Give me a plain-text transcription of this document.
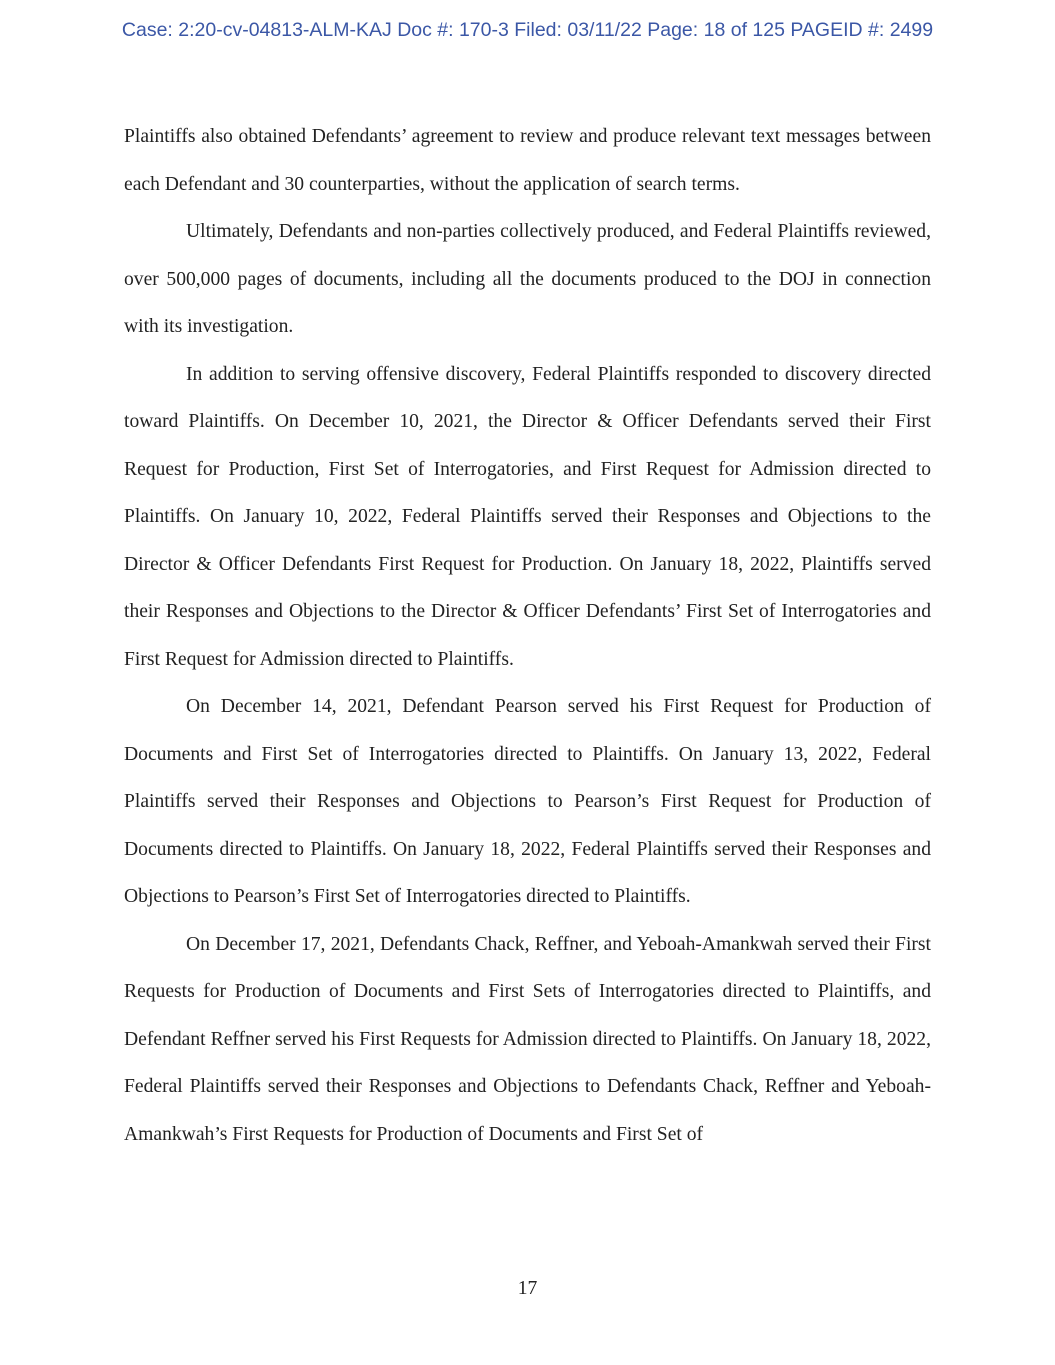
Case: 2:20-cv-04813-ALM-KAJ Doc #: 170-3 Filed: 03/11/22 Page: 18 of 125 PAGEID #: 2499

Plaintiffs also obtained Defendants’ agreement to review and produce relevant text messages between each Defendant and 30 counterparties, without the application of search terms.

Ultimately, Defendants and non-parties collectively produced, and Federal Plaintiffs reviewed, over 500,000 pages of documents, including all the documents produced to the DOJ in connection with its investigation.

In addition to serving offensive discovery, Federal Plaintiffs responded to discovery directed toward Plaintiffs. On December 10, 2021, the Director & Officer Defendants served their First Request for Production, First Set of Interrogatories, and First Request for Admission directed to Plaintiffs. On January 10, 2022, Federal Plaintiffs served their Responses and Objections to the Director & Officer Defendants First Request for Production. On January 18, 2022, Plaintiffs served their Responses and Objections to the Director & Officer Defendants’ First Set of Interrogatories and First Request for Admission directed to Plaintiffs.

On December 14, 2021, Defendant Pearson served his First Request for Production of Documents and First Set of Interrogatories directed to Plaintiffs. On January 13, 2022, Federal Plaintiffs served their Responses and Objections to Pearson’s First Request for Production of Documents directed to Plaintiffs. On January 18, 2022, Federal Plaintiffs served their Responses and Objections to Pearson’s First Set of Interrogatories directed to Plaintiffs.

On December 17, 2021, Defendants Chack, Reffner, and Yeboah-Amankwah served their First Requests for Production of Documents and First Sets of Interrogatories directed to Plaintiffs, and Defendant Reffner served his First Requests for Admission directed to Plaintiffs. On January 18, 2022, Federal Plaintiffs served their Responses and Objections to Defendants Chack, Reffner and Yeboah-Amankwah’s First Requests for Production of Documents and First Set of

17
